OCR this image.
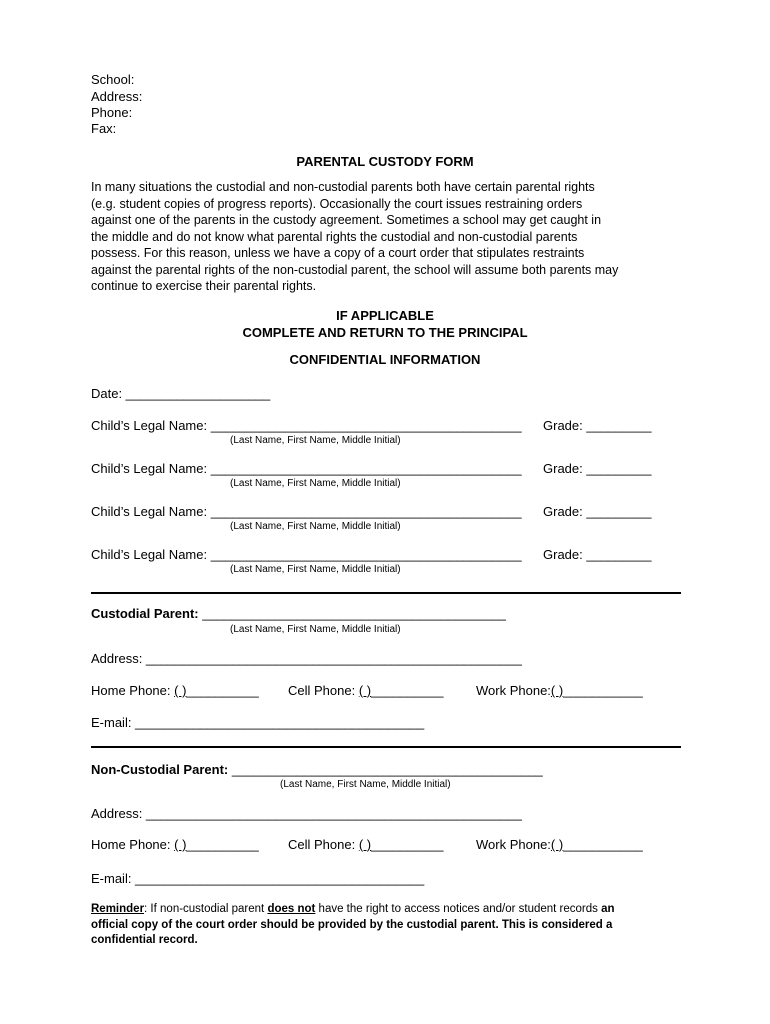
School:
Address:
Phone:
Fax:
PARENTAL CUSTODY FORM
In many situations the custodial and non-custodial parents both have certain parental rights
(e.g. student copies of progress reports). Occasionally the court issues restraining orders
against one of the parents in the custody agreement. Sometimes a school may get caught in
the middle and do not know what parental rights the custodial and non-custodial parents
possess. For this reason, unless we have a copy of a court order that stipulates restraints
against the parental rights of the non-custodial parent, the school will assume both parents may
continue to exercise their parental rights.
IF APPLICABLE
COMPLETE AND RETURN TO THE PRINCIPAL
CONFIDENTIAL INFORMATION
Date: ____________________
Child’s Legal Name: ___________________________________________ Grade: _________
(Last Name, First Name, Middle Initial)
Child’s Legal Name: ___________________________________________ Grade: _________
(Last Name, First Name, Middle Initial)
Child’s Legal Name: ___________________________________________ Grade: _________
(Last Name, First Name, Middle Initial)
Child’s Legal Name: ___________________________________________ Grade: _________
(Last Name, First Name, Middle Initial)
Custodial Parent: __________________________________________
(Last Name, First Name, Middle Initial)
Address: ____________________________________________________
Home Phone: ( )__________ Cell Phone: ( )__________	Work Phone:( )___________
E-mail: ________________________________________
Non-Custodial Parent: ___________________________________________
(Last Name, First Name, Middle Initial)
Address: ____________________________________________________
Home Phone: ( )__________ Cell Phone: ( )__________	Work Phone:( )___________
E-mail: ________________________________________
Reminder: If non-custodial parent does not have the right to access notices and/or student records an
official copy of the court order should be provided by the custodial parent. This is considered a
confidential record.
